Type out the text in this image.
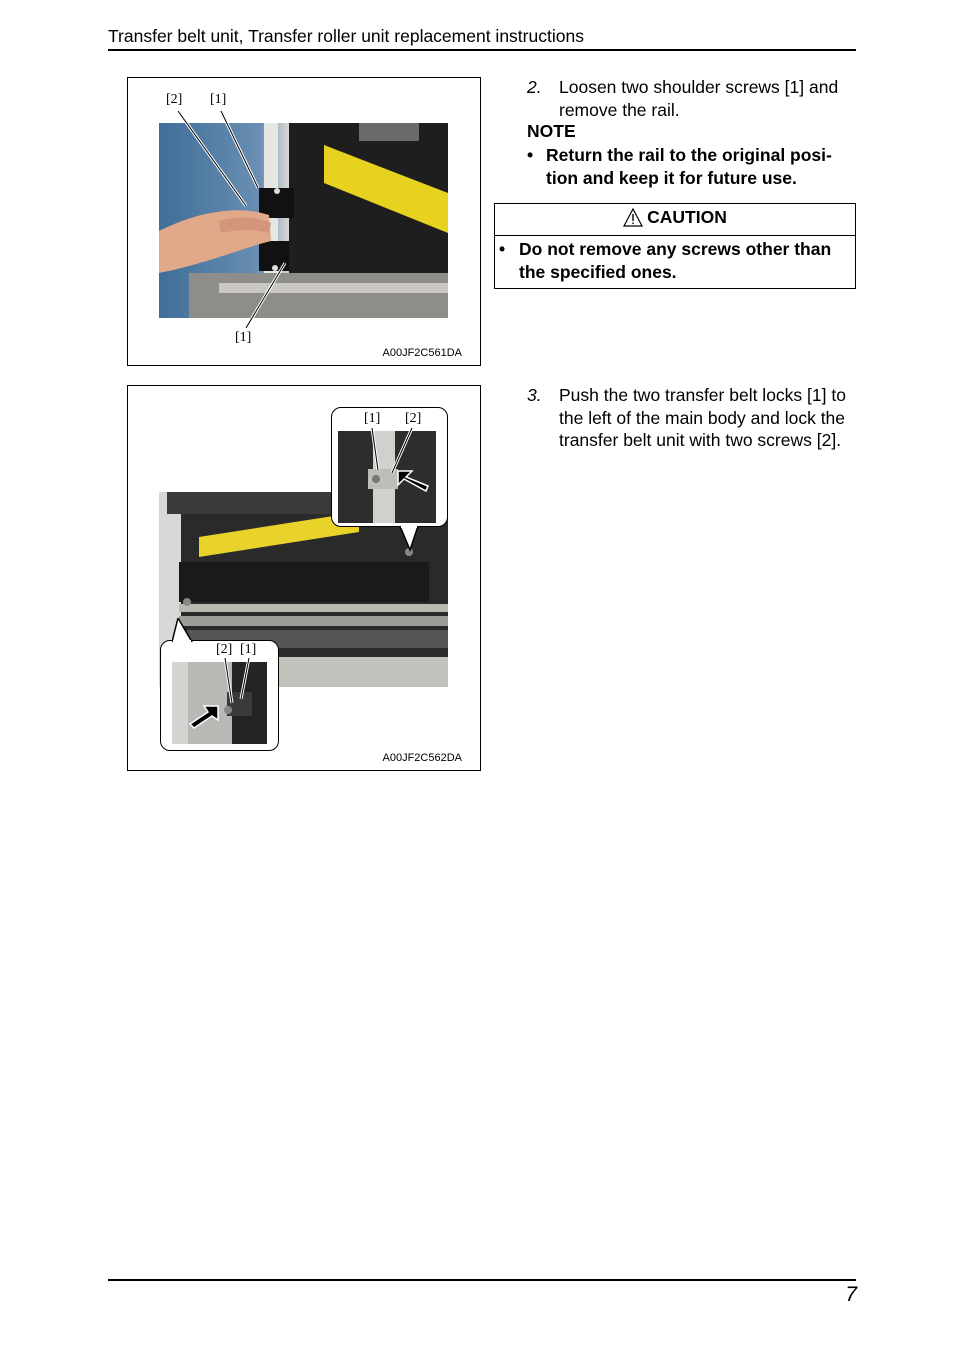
Transfer belt unit, Transfer roller unit replacement instructions
[2] [1]
[1]
A00JF2C561DA
[1] [2]
[2] [1]
A00JF2C562DA
2. Loosen two shoulder screws [1] and remove the rail.
NOTE
• Return the rail to the original posi- tion and keep it for future use.
CAUTION
• Do not remove any screws other than the specified ones.
3. Push the two transfer belt locks [1] to the left of the main body and lock the transfer belt unit with two screws [2].
7
